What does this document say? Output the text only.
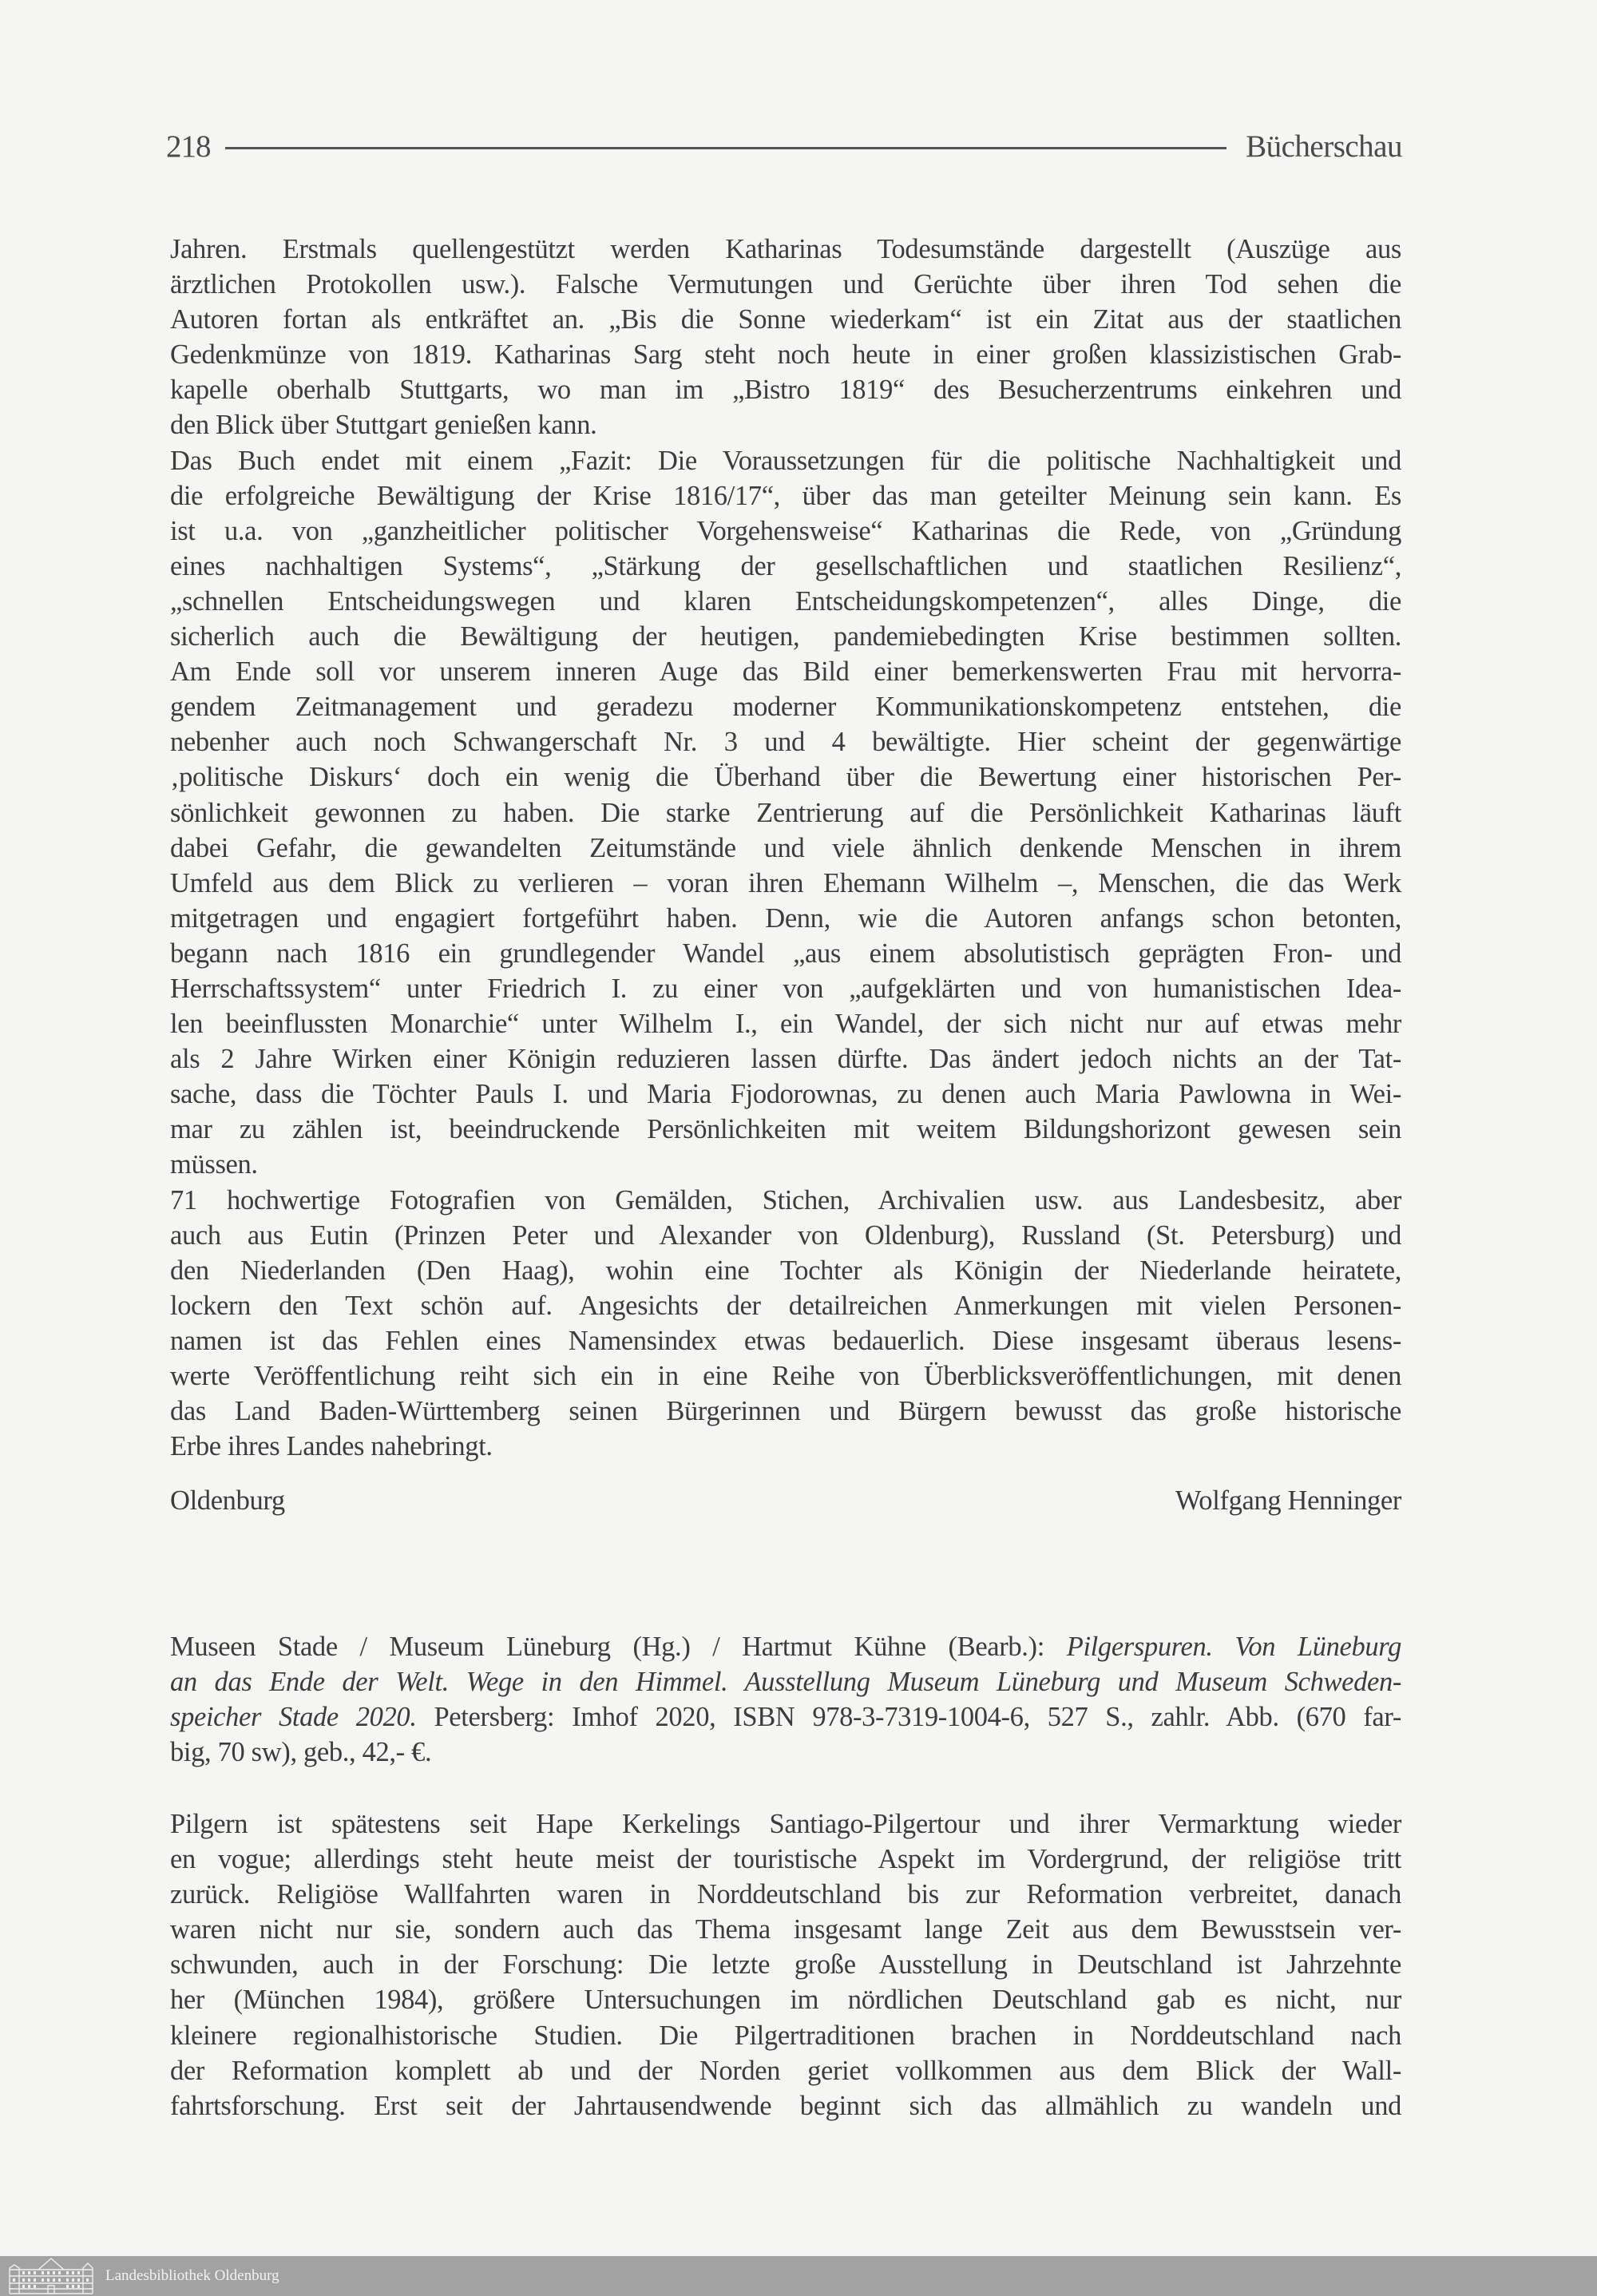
218	Bücherschau
Jahren. Erstmals quellengestützt werden Katharinas Todesumstände dargestellt (Auszüge aus
ärztlichen Protokollen usw.). Falsche Vermutungen und Gerüchte über ihren Tod sehen die
Autoren fortan als entkräftet an. „Bis die Sonne wiederkam“ ist ein Zitat aus der staatlichen
Gedenkmünze von 1819. Katharinas Sarg steht noch heute in einer großen klassizistischen Grab-
kapelle oberhalb Stuttgarts, wo man im „Bistro 1819“ des Besucherzentrums einkehren und
den Blick über Stuttgart genießen kann.
Das Buch endet mit einem „Fazit: Die Voraussetzungen für die politische Nachhaltigkeit und
die erfolgreiche Bewältigung der Krise 1816/17“, über das man geteilter Meinung sein kann. Es
ist u.a. von „ganzheitlicher politischer Vorgehensweise“ Katharinas die Rede, von „Gründung
eines nachhaltigen Systems“, „Stärkung der gesellschaftlichen und staatlichen Resilienz“,
„schnellen Entscheidungswegen und klaren Entscheidungskompetenzen“, alles Dinge, die
sicherlich auch die Bewältigung der heutigen, pandemiebedingten Krise bestimmen sollten.
Am Ende soll vor unserem inneren Auge das Bild einer bemerkenswerten Frau mit hervorra-
gendem Zeitmanagement und geradezu moderner Kommunikationskompetenz entstehen, die
nebenher auch noch Schwangerschaft Nr. 3 und 4 bewältigte. Hier scheint der gegenwärtige
‚politische Diskurs‘ doch ein wenig die Überhand über die Bewertung einer historischen Per-
sönlichkeit gewonnen zu haben. Die starke Zentrierung auf die Persönlichkeit Katharinas läuft
dabei Gefahr, die gewandelten Zeitumstände und viele ähnlich denkende Menschen in ihrem
Umfeld aus dem Blick zu verlieren – voran ihren Ehemann Wilhelm –, Menschen, die das Werk
mitgetragen und engagiert fortgeführt haben. Denn, wie die Autoren anfangs schon betonten,
begann nach 1816 ein grundlegender Wandel „aus einem absolutistisch geprägten Fron- und
Herrschaftssystem“ unter Friedrich I. zu einer von „aufgeklärten und von humanistischen Idea-
len beeinflussten Monarchie“ unter Wilhelm I., ein Wandel, der sich nicht nur auf etwas mehr
als 2 Jahre Wirken einer Königin reduzieren lassen dürfte. Das ändert jedoch nichts an der Tat-
sache, dass die Töchter Pauls I. und Maria Fjodorownas, zu denen auch Maria Pawlowna in Wei-
mar zu zählen ist, beeindruckende Persönlichkeiten mit weitem Bildungshorizont gewesen sein
müssen.
71 hochwertige Fotografien von Gemälden, Stichen, Archivalien usw. aus Landesbesitz, aber
auch aus Eutin (Prinzen Peter und Alexander von Oldenburg), Russland (St. Petersburg) und
den Niederlanden (Den Haag), wohin eine Tochter als Königin der Niederlande heiratete,
lockern den Text schön auf. Angesichts der detailreichen Anmerkungen mit vielen Personen-
namen ist das Fehlen eines Namensindex etwas bedauerlich. Diese insgesamt überaus lesens-
werte Veröffentlichung reiht sich ein in eine Reihe von Überblicksveröffentlichungen, mit denen
das Land Baden-Württemberg seinen Bürgerinnen und Bürgern bewusst das große historische
Erbe ihres Landes nahebringt.
Oldenburg	Wolfgang Henninger
Museen Stade / Museum Lüneburg (Hg.) / Hartmut Kühne (Bearb.): Pilgerspuren. Von Lüneburg
an das Ende der Welt. Wege in den Himmel. Ausstellung Museum Lüneburg und Museum Schweden-
speicher Stade 2020. Petersberg: Imhof 2020, ISBN 978-3-7319-1004-6, 527 S., zahlr. Abb. (670 far-
big, 70 sw), geb., 42,- €.
Pilgern ist spätestens seit Hape Kerkelings Santiago-Pilgertour und ihrer Vermarktung wieder
en vogue; allerdings steht heute meist der touristische Aspekt im Vordergrund, der religiöse tritt
zurück. Religiöse Wallfahrten waren in Norddeutschland bis zur Reformation verbreitet, danach
waren nicht nur sie, sondern auch das Thema insgesamt lange Zeit aus dem Bewusstsein ver-
schwunden, auch in der Forschung: Die letzte große Ausstellung in Deutschland ist Jahrzehnte
her (München 1984), größere Untersuchungen im nördlichen Deutschland gab es nicht, nur
kleinere regionalhistorische Studien. Die Pilgertraditionen brachen in Norddeutschland nach
der Reformation komplett ab und der Norden geriet vollkommen aus dem Blick der Wall-
fahrtsforschung. Erst seit der Jahrtausendwende beginnt sich das allmählich zu wandeln und
Landesbibliothek Oldenburg
